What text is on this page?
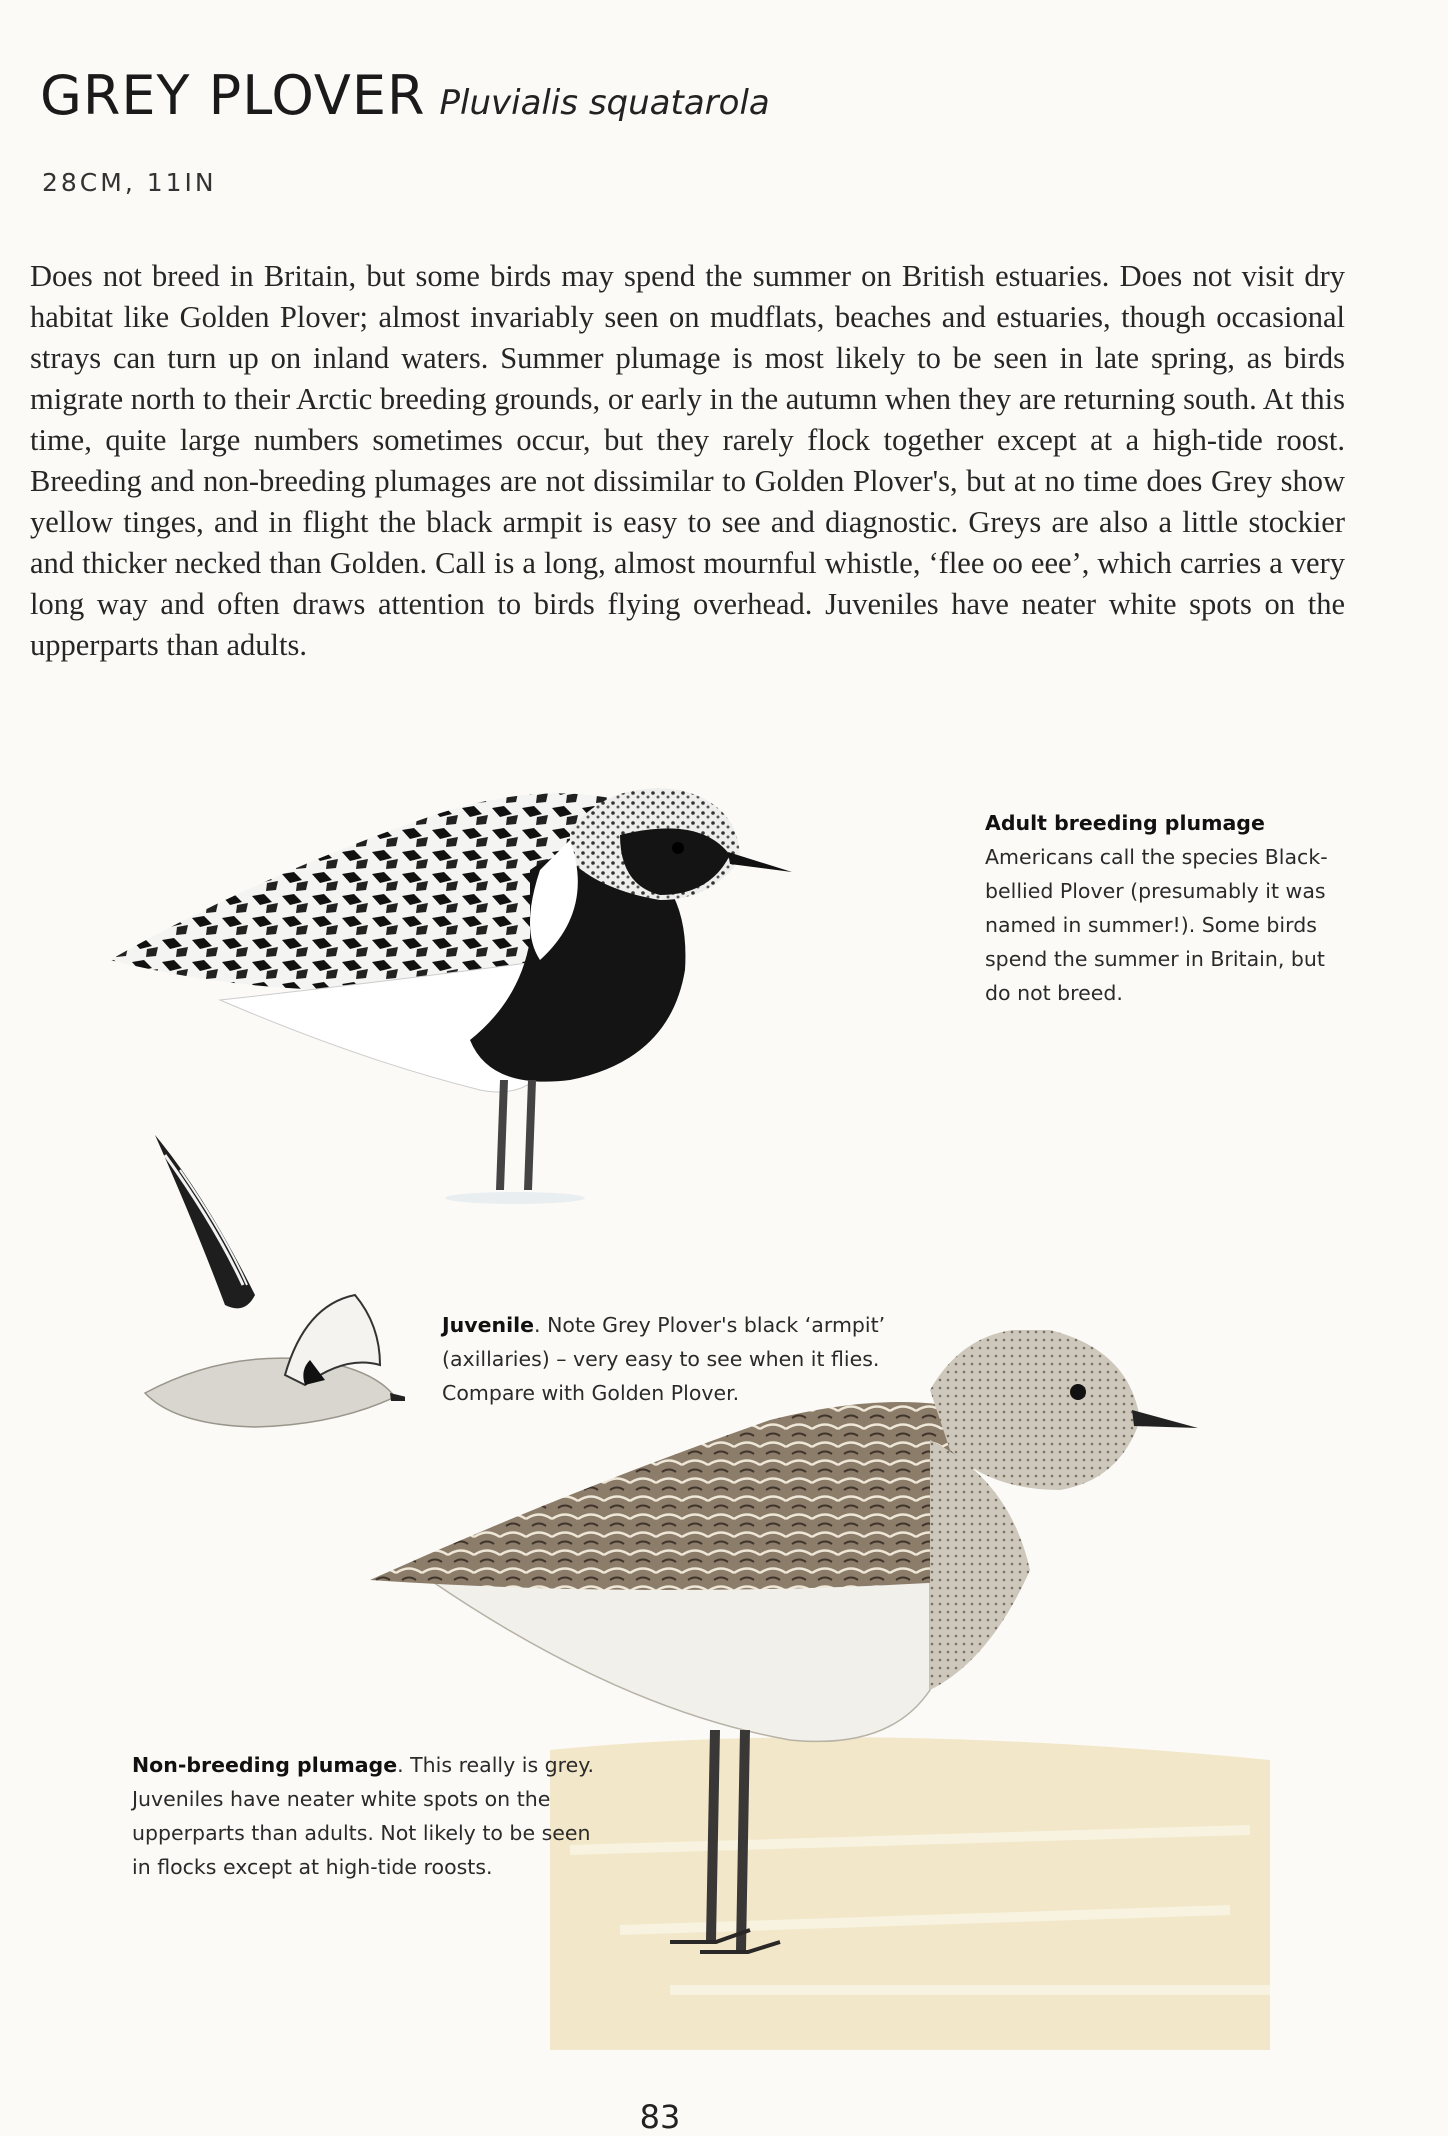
GREY PLOVER Pluvialis squatarola
28CM, 11IN
Does not breed in Britain, but some birds may spend the summer on British estuaries. Does not visit dry habitat like Golden Plover; almost invariably seen on mudflats, beaches and estuaries, though occasional strays can turn up on inland waters. Summer plumage is most likely to be seen in late spring, as birds migrate north to their Arctic breeding grounds, or early in the autumn when they are returning south. At this time, quite large numbers sometimes occur, but they rarely flock together except at a high-tide roost. Breeding and non-breeding plumages are not dissimilar to Golden Plover's, but at no time does Grey show yellow tinges, and in flight the black armpit is easy to see and diagnostic. Greys are also a little stockier and thicker necked than Golden. Call is a long, almost mournful whistle, ‘flee oo eee’, which carries a very long way and often draws attention to birds flying overhead. Juveniles have neater white spots on the upperparts than adults.
Adult breeding plumage
Americans call the species Black-bellied Plover (presumably it was named in summer!). Some birds spend the summer in Britain, but do not breed.
Juvenile. Note Grey Plover's black ‘armpit’ (axillaries) – very easy to see when it flies. Compare with Golden Plover.
Non-breeding plumage. This really is grey. Juveniles have neater white spots on the upperparts than adults. Not likely to be seen in flocks except at high-tide roosts.
83
